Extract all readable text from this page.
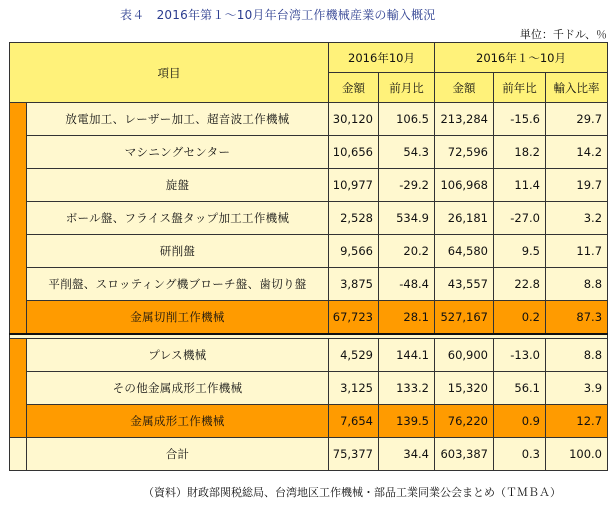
表４　2016年第１～10月年台湾工作機械産業の輸入概況
単位：千ドル、％
項目		2016年10月		2016年１～10月		
		金額	前月比	金額	前年比	輸入比率
	放電加工、レーザー加工、超音波工作機械	30,120	106.5	213,284	-15.6	29.7
	マシニングセンター	10,656	54.3	72,596	18.2	14.2
	旋盤	10,977	-29.2	106,968	11.4	19.7
	ボール盤、フライス盤タップ加工工作機械	2,528	534.9	26,181	-27.0	3.2
	研削盤	9,566	20.2	64,580	9.5	11.7
	平削盤、スロッティング機ブローチ盤、歯切り盤	3,875	-48.4	43,557	22.8	8.8
	金属切削工作機械	67,723	28.1	527,167	0.2	87.3

	プレス機械	4,529	144.1	60,900	-13.0	8.8
	その他金属成形工作機械	3,125	133.2	15,320	56.1	3.9
	金属成形工作機械	7,654	139.5	76,220	0.9	12.7
	合計	75,377	34.4	603,387	0.3	100.0
（資料）財政部関税総局、台湾地区工作機械・部品工業同業公会まとめ（ＴＭＢＡ）
